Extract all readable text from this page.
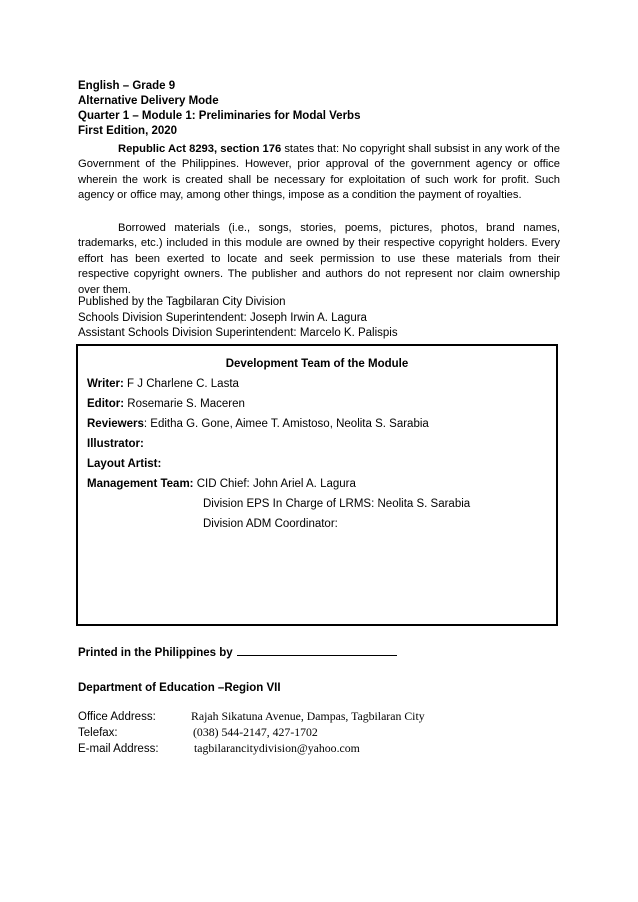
English – Grade 9
Alternative Delivery Mode
Quarter 1 – Module 1: Preliminaries for Modal Verbs
First Edition, 2020
Republic Act 8293, section 176 states that: No copyright shall subsist in any work of the Government of the Philippines. However, prior approval of the government agency or office wherein the work is created shall be necessary for exploitation of such work for profit. Such agency or office may, among other things, impose as a condition the payment of royalties.
Borrowed materials (i.e., songs, stories, poems, pictures, photos, brand names, trademarks, etc.) included in this module are owned by their respective copyright holders. Every effort has been exerted to locate and seek permission to use these materials from their respective copyright owners. The publisher and authors do not represent nor claim ownership over them.
Published by the Tagbilaran City Division
Schools Division Superintendent: Joseph Irwin A. Lagura
Assistant Schools Division Superintendent: Marcelo K. Palispis
Development Team of the Module
Writer: F J Charlene C. Lasta
Editor: Rosemarie S. Maceren
Reviewers: Editha G. Gone, Aimee T. Amistoso, Neolita S. Sarabia
Illustrator:
Layout Artist:
Management Team: CID Chief: John Ariel A. Lagura
Division EPS In Charge of LRMS: Neolita S. Sarabia
Division ADM Coordinator:
Printed in the Philippines by
Department of Education –Region VII
Office Address:	Rajah Sikatuna Avenue, Dampas, Tagbilaran City
Telefax:	(038) 544-2147, 427-1702
E-mail Address:	tagbilarancitydivision@yahoo.com
